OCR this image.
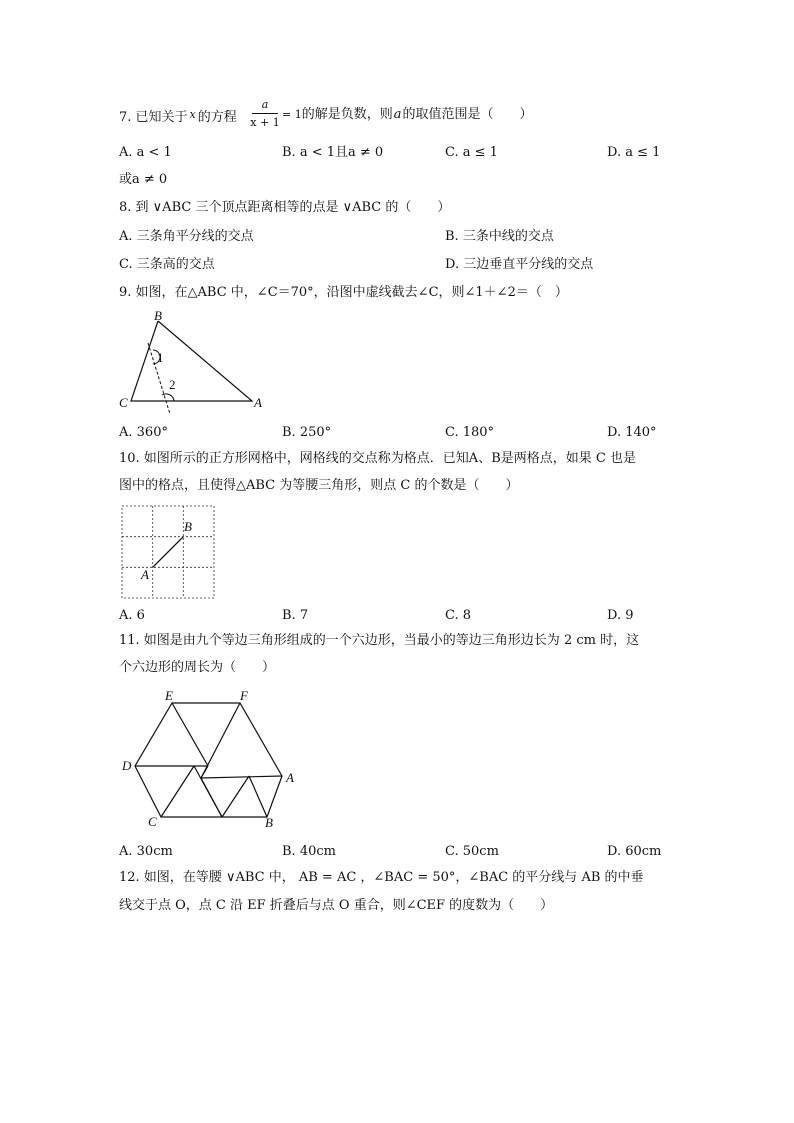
7. 已知关于 $^x$ 的方程
a
x + 1
= 1的解是负数，则a的取值范围是（　　）
A. a < 1	B. a < 1且a ≠ 0	C. a ≤ 1	D. a ≤ 1
或a ≠ 0
8. 到 ∨ABC 三个顶点距离相等的点是 ∨ABC 的（　　）
A. 三条角平分线的交点	B. 三条中线的交点
C. 三条高的交点	D. 三边垂直平分线的交点
9. 如图，在△ABC 中，∠C＝70°，沿图中虚线截去∠C，则∠1＋∠2＝（　）
B
1
2
C	A
A. 360°	B. 250°	C. 180°	D. 140°
10. 如图所示的正方形网格中，网格线的交点称为格点．已知A、B是两格点，如果 C 也是
图中的格点，且使得△ABC 为等腰三角形，则点 C 的个数是（　　）
B
A
A. 6	B. 7	C. 8	D. 9
11. 如图是由九个等边三角形组成的一个六边形，当最小的等边三角形边长为 2 cm 时，这
个六边形的周长为（　　）
E	F
D
A
C	B
A. 30cm	B. 40cm	C. 50cm	D. 60cm
12. 如图，在等腰 ∨ABC 中， AB = AC ，∠BAC = 50°，∠BAC 的平分线与 AB 的中垂
线交于点 O，点 C 沿 EF 折叠后与点 O 重合，则∠CEF 的度数为（　　）
